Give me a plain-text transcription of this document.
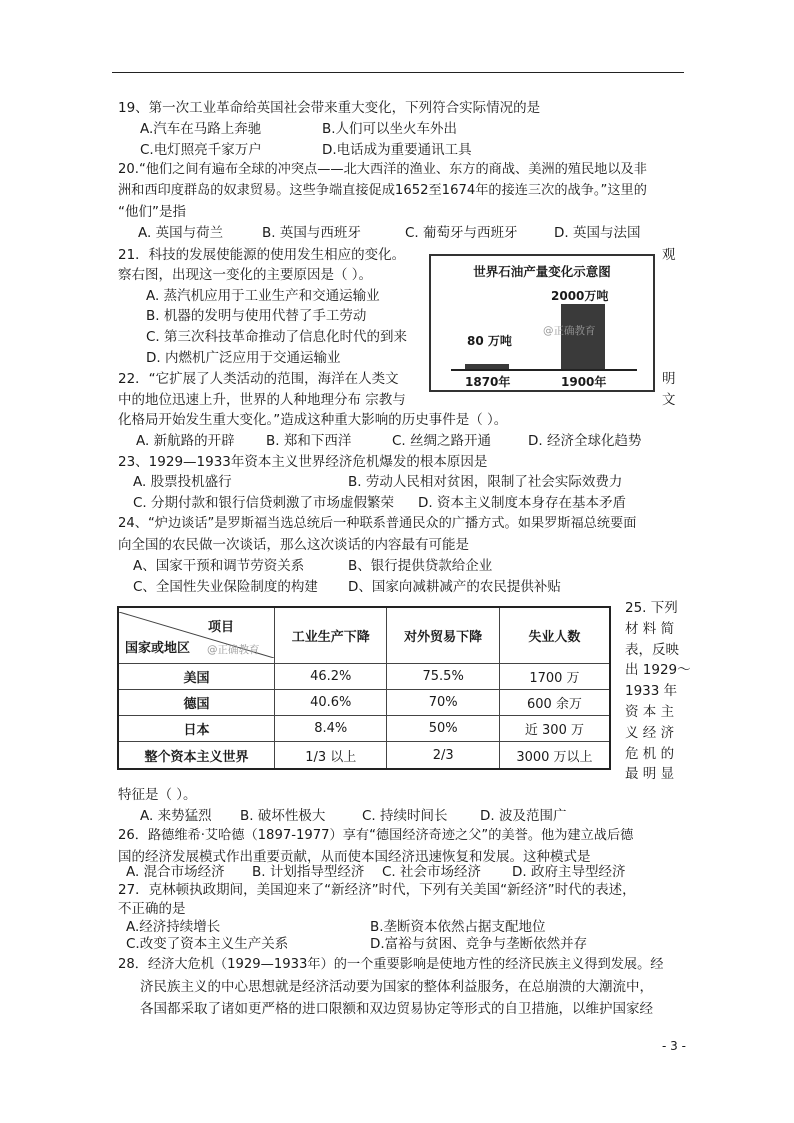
19、第一次工业革命给英国社会带来重大变化，下列符合实际情况的是
A.汽车在马路上奔驰	B.人们可以坐火车外出
C.电灯照亮千家万户	D.电话成为重要通讯工具
20.“他们之间有遍布全球的冲突点——北大西洋的渔业、东方的商战、美洲的殖民地以及非
洲和西印度群岛的奴隶贸易。这些争端直接促成1652至1674年的接连三次的战争。”这里的
“他们”是指
A. 英国与荷兰	B. 英国与西班牙	C. 葡萄牙与西班牙	D. 英国与法国
21．科技的发展使能源的使用发生相应的变化。	观
察右图，出现这一变化的主要原因是（ ）。
A. 蒸汽机应用于工业生产和交通运输业
B. 机器的发明与使用代替了手工劳动
C. 第三次科技革命推动了信息化时代的到来
D. 内燃机广泛应用于交通运输业
世界石油产量变化示意图
80 万吨
2000万吨
@正确教育
1870年	1900年
22．“它扩展了人类活动的范围，海洋在人类文	明
中的地位迅速上升，世界的人种地理分布 宗教与	文
化格局开始发生重大变化。”造成这种重大影响的历史事件是（ ）。
A. 新航路的开辟 B. 郑和下西洋	C. 丝绸之路开通	D. 经济全球化趋势
23、1929—1933年资本主义世界经济危机爆发的根本原因是
A. 股票投机盛行	B. 劳动人民相对贫困，限制了社会实际效费力
C. 分期付款和银行信贷刺激了市场虚假繁荣 D. 资本主义制度本身存在基本矛盾
24、“炉边谈话”是罗斯福当选总统后一种联系普通民众的广播方式。如果罗斯福总统要面
向全国的农民做一次谈话，那么这次谈话的内容最有可能是
A、国家干预和调节劳资关系	B、银行提供贷款给企业
C、全国性失业保险制度的构建 D、国家向减耕减产的农民提供补贴
项目
国家或地区 @正确教育	工业生产下降	对外贸易下降	失业人数
美国	46.2%	75.5%	1700 万
德国	40.6%	70%	600 余万
日本	8.4%	50%	近 300 万
整个资本主义世界	1/3 以上	2/3	3000 万以上
25. 下列
材 料 简
表，反映
出 1929～
1933 年
资 本 主
义 经 济
危 机 的
最 明 显
特征是（ ）。
A. 来势猛烈 B. 破坏性极大	C. 持续时间长 D. 波及范围广
26．路德维希·艾哈德（1897-1977）享有“德国经济奇迹之父”的美誉。他为建立战后德
国的经济发展模式作出重要贡献，从而使本国经济迅速恢复和发展。这种模式是
A. 混合市场经济 B. 计划指导型经济 C. 社会市场经济 D. 政府主导型经济
27．克林顿执政期间，美国迎来了“新经济”时代，下列有关美国“新经济”时代的表述，
不正确的是
A.经济持续增长	B.垄断资本依然占据支配地位
C.改变了资本主义生产关系	D.富裕与贫困、竞争与垄断依然并存
28．经济大危机（1929—1933年）的一个重要影响是使地方性的经济民族主义得到发展。经
济民族主义的中心思想就是经济活动要为国家的整体利益服务，在总崩溃的大潮流中，
各国都采取了诸如更严格的进口限额和双边贸易协定等形式的自卫措施，以维护国家经
- 3 -
